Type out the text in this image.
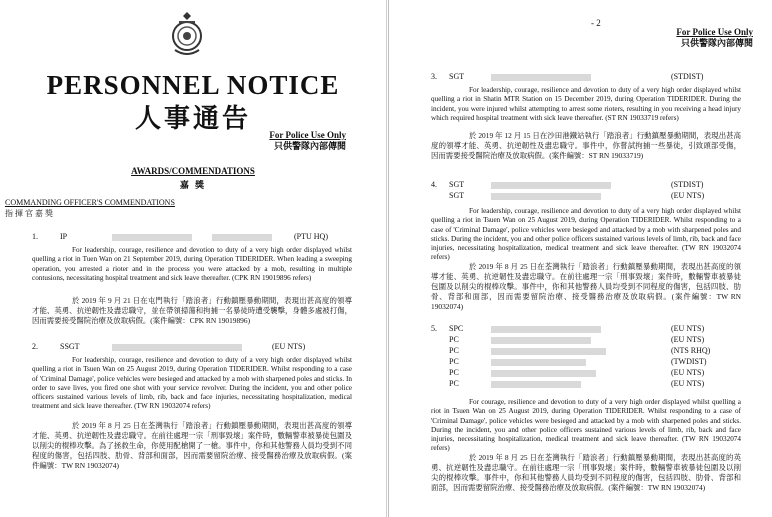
PERSONNEL NOTICE
人事通告
For Police Use Only
只供警隊內部傳閱
AWARDS/COMMENDATIONS
嘉 獎
COMMANDING OFFICER'S COMMENDATIONS
指 揮 官 嘉 獎
1.	IP	(PTU HQ)
For leadership, courage, resilience and devotion to duty of a very high order displayed whilst quelling a riot in Tuen Wan on 21 September 2019, during Operation TIDERIDER. When leading a sweeping operation, you arrested a rioter and in the process you were attacked by a mob, resulting in multiple contusions, necessitating hospital treatment and sick leave thereafter. (CPK RN 19019896 refers)
於 2019 年 9 月 21 日在屯門執行「踏浪者」行動鎮壓暴動期間，表現出甚高度的領導才能、英勇、抗逆韌性及盡忠職守，並在帶領掃蕩和拘捕一名暴徒時遭受襲擊，身體多處被打傷，因而需要接受醫院治療及放取病假。(案件編號：CPK RN 19019896)
2.	SSGT	(EU NTS)
For leadership, courage, resilience and devotion to duty of a very high order displayed whilst quelling a riot in Tsuen Wan on 25 August 2019, during Operation TIDERIDER. Whilst responding to a case of 'Criminal Damage', police vehicles were besieged and attacked by a mob with sharpened poles and sticks. In order to save lives, you fired one shot with your service revolver. During the incident, you and other police officers sustained various levels of limb, rib, back and face injuries, necessitating hospitalization, medical treatment and sick leave thereafter. (TW RN 19032074 refers)
於 2019 年 8 月 25 日在荃灣執行「踏浪者」行動鎮壓暴動期間，表現出甚高度的領導才能、英勇、抗逆韌性及盡忠職守。在前往處理一宗「刑事毀壞」案件時，數輛警車被暴徒包圍及以削尖的棍棒攻擊。為了拯救生命，你使用配槍開了一槍。事件中，你和其他警務人員均受到不同程度的傷害，包括四肢、肋骨、背部和面部，因而需要留院治療、接受醫務治療及放取病假。(案件編號：TW RN 19032074)
- 2
For Police Use Only
只供警隊內部傳閱
3. SGT	(STDIST)
For leadership, courage, resilience and devotion to duty of a very high order displayed whilst quelling a riot in Shatin MTR Station on 15 December 2019, during Operation TIDERIDER. During the incident, you were injured whilst attempting to arrest some rioters, resulting in you receiving a head injury which required hospital treatment with sick leave thereafter. (ST RN 19033719 refers)
於 2019 年 12 月 15 日在沙田港鐵站執行「踏浪者」行動鎮壓暴動期間，表現出甚高度的領導才能、英勇、抗逆韌性及盡忠職守。事件中，你嘗試拘捕一些暴徒，引致頭部受傷，因而需要接受醫院治療及放取病假。(案件編號：ST RN 19033719)
4. SGT	(STDIST)
SGT	(EU NTS)
For leadership, courage, resilience and devotion to duty of a very high order displayed whilst quelling a riot in Tsuen Wan on 25 August 2019, during Operation TIDERIDER. Whilst responding to a case of 'Criminal Damage', police vehicles were besieged and attacked by a mob with sharpened poles and sticks. During the incident, you and other police officers sustained various levels of limb, rib, back and face injuries, necessitating hospitalization, medical treatment and sick leave thereafter. (TW RN 19032074 refers)
於 2019 年 8 月 25 日在荃灣執行「踏浪者」行動鎮壓暴動期間，表現出甚高度的領導才能、英勇、抗逆韌性及盡忠職守。在前往處理一宗「刑事毀壞」案件時，數輛警車被暴徒包圍及以削尖的棍棒攻擊。事件中，你和其他警務人員均受到不同程度的傷害，包括四肢、肋骨、背部和面部，因而需要留院治療、接受醫務治療及放取病假。(案件編號：TW RN 19032074)
5. SPC	(EU NTS)
PC	(EU NTS)
PC	(NTS RHQ)
PC	(TWDIST)
PC	(EU NTS)
PC	(EU NTS)
For courage, resilience and devotion to duty of a very high order displayed whilst quelling a riot in Tsuen Wan on 25 August 2019, during Operation TIDERIDER. Whilst responding to a case of 'Criminal Damage', police vehicles were besieged and attacked by a mob with sharpened poles and sticks. During the incident, you and other police officers sustained various levels of limb, rib, back and face injuries, necessitating hospitalization, medical treatment and sick leave thereafter. (TW RN 19032074 refers)
於 2019 年 8 月 25 日在荃灣執行「踏浪者」行動鎮壓暴動期間，表現出甚高度的英勇、抗逆韌性及盡忠職守。在前往處理一宗「刑事毀壞」案件時，數輛警車被暴徒包圍及以削尖的棍棒攻擊。事件中，你和其他警務人員均受到不同程度的傷害，包括四肢、肋骨、背部和面部，因而需要留院治療、接受醫務治療及放取病假。(案件編號：TW RN 19032074)
